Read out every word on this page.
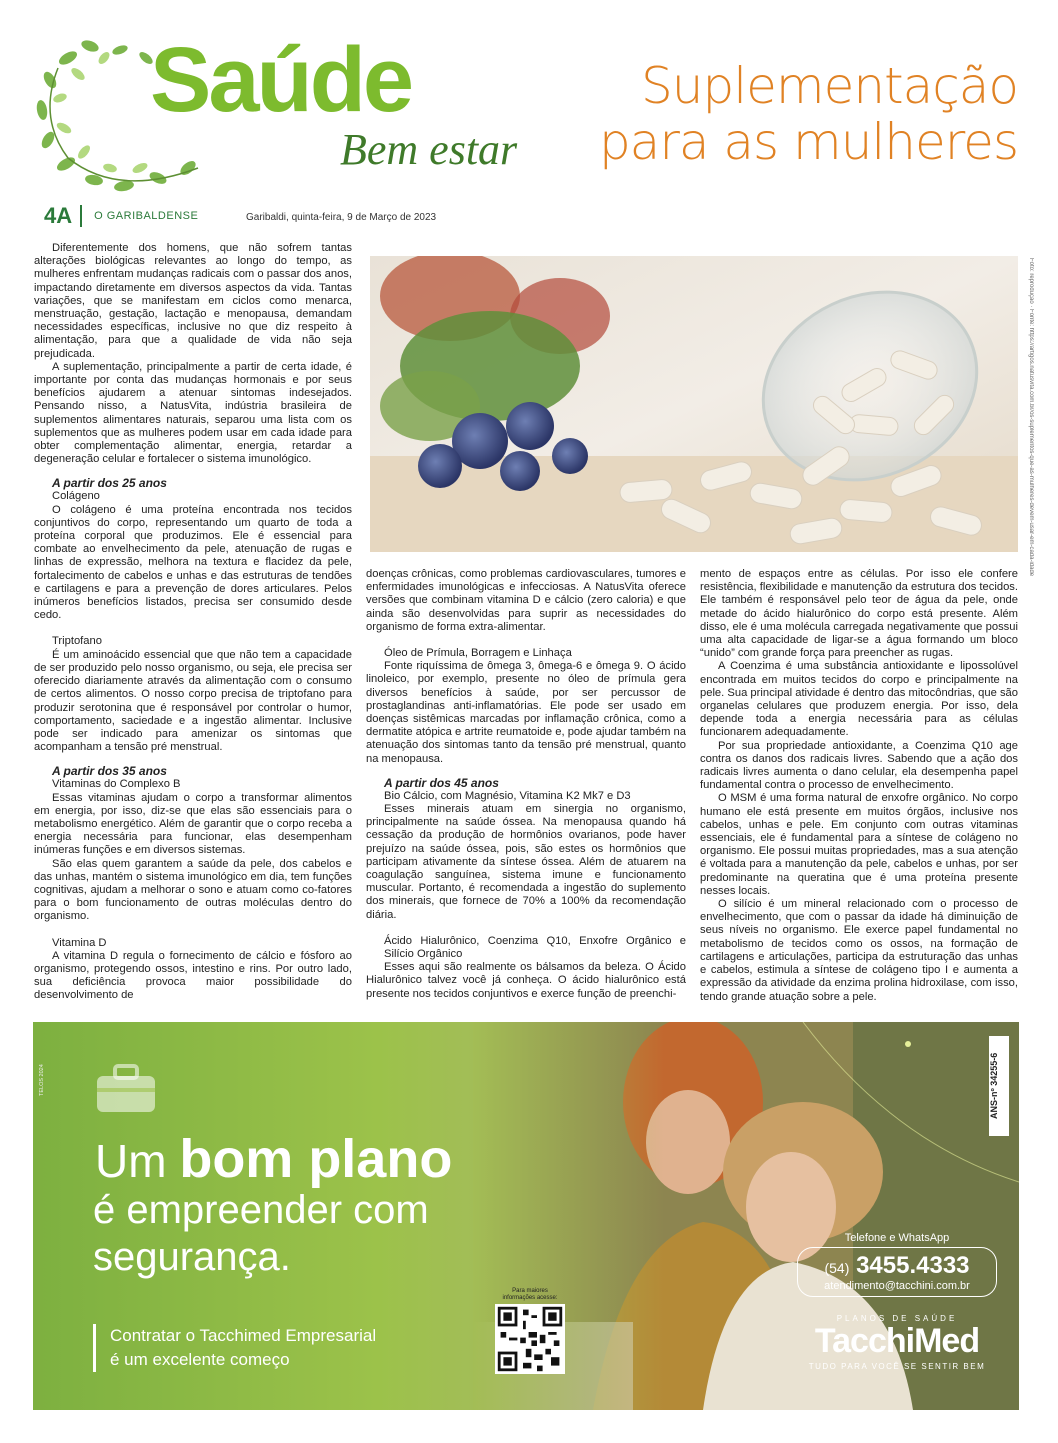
Saúde
Bem estar
Suplementação
para as mulheres
4A O GARIBALDENSE	Garibaldi, quinta-feira, 9 de Março de 2023
Foto: reprodução · Fonte: https://artigos.natusvita.com.br/os-suplementos-que-as-mulheres-devem-usar-em-cada-idade

Diferentemente dos homens, que não sofrem tantas alterações biológicas relevantes ao longo do tempo, as mulheres enfrentam mudanças radicais com o passar dos anos, impactando diretamente em diversos aspectos da vida. Tantas variações, que se manifestam em ciclos como menarca, menstruação, gestação, lactação e menopausa, demandam necessidades específicas, inclusive no que diz respeito à alimentação, para que a qualidade de vida não seja prejudicada.

A suplementação, principalmente a partir de certa idade, é importante por conta das mudanças hormonais e por seus benefícios ajudarem a atenuar sintomas indesejados. Pensando nisso, a NatusVita, indústria brasileira de suplementos alimentares naturais, separou uma lista com os suplementos que as mulheres podem usar em cada idade para obter complementação alimentar, energia, retardar a degeneração celular e fortalecer o sistema imunológico.

A partir dos 25 anos
Colágeno

O colágeno é uma proteína encontrada nos tecidos conjuntivos do corpo, representando um quarto de toda a proteína corporal que produzimos. Ele é essencial para combate ao envelhecimento da pele, atenuação de rugas e linhas de expressão, melhora na textura e flacidez da pele, fortalecimento de cabelos e unhas e das estruturas de tendões e cartilagens e para a prevenção de dores articulares. Pelos inúmeros benefícios listados, precisa ser consumido desde cedo.

Triptofano

É um aminoácido essencial que que não tem a capacidade de ser produzido pelo nosso organismo, ou seja, ele precisa ser oferecido diariamente através da alimentação com o consumo de certos alimentos. O nosso corpo precisa de triptofano para produzir serotonina que é responsável por controlar o humor, comportamento, saciedade e a ingestão alimentar. Inclusive pode ser indicado para amenizar os sintomas que acompanham a tensão pré menstrual.

A partir dos 35 anos
Vitaminas do Complexo B

Essas vitaminas ajudam o corpo a transformar alimentos em energia, por isso, diz-se que elas são essenciais para o metabolismo energético. Além de garantir que o corpo receba a energia necessária para funcionar, elas desempenham inúmeras funções e em diversos sistemas.

São elas quem garantem a saúde da pele, dos cabelos e das unhas, mantém o sistema imunológico em dia, tem funções cognitivas, ajudam a melhorar o sono e atuam como co-fatores para o bom funcionamento de outras moléculas dentro do organismo.

Vitamina D

A vitamina D regula o fornecimento de cálcio e fósforo ao organismo, protegendo ossos, intestino e rins. Por outro lado, sua deficiência provoca maior possibilidade do desenvolvimento de

doenças crônicas, como problemas cardiovasculares, tumores e enfermidades imunológicas e infecciosas. A NatusVita oferece versões que combinam vitamina D e cálcio (zero caloria) e que ainda são desenvolvidas para suprir as necessidades do organismo de forma extra-alimentar.

Óleo de Prímula, Borragem e Linhaça

Fonte riquíssima de ômega 3, ômega-6 e ômega 9. O ácido linoleico, por exemplo, presente no óleo de prímula gera diversos benefícios à saúde, por ser percussor de prostaglandinas anti-inflamatórias. Ele pode ser usado em doenças sistêmicas marcadas por inflamação crônica, como a dermatite atópica e artrite reumatoide e, pode ajudar também na atenuação dos sintomas tanto da tensão pré menstrual, quanto na menopausa.

A partir dos 45 anos
Bio Cálcio, com Magnésio, Vitamina K2 Mk7 e D3

Esses minerais atuam em sinergia no organismo, principalmente na saúde óssea. Na menopausa quando há cessação da produção de hormônios ovarianos, pode haver prejuízo na saúde óssea, pois, são estes os hormônios que participam ativamente da síntese óssea. Além de atuarem na coagulação sanguínea, sistema imune e funcionamento muscular. Portanto, é recomendada a ingestão do suplemento dos minerais, que fornece de 70% a 100% da recomendação diária.

Ácido Hialurônico, Coenzima Q10, Enxofre Orgânico e Silício Orgânico

Esses aqui são realmente os bálsamos da beleza. O Ácido Hialurônico talvez você já conheça. O ácido hialurônico está presente nos tecidos conjuntivos e exerce função de preenchi-

mento de espaços entre as células. Por isso ele confere resistência, flexibilidade e manutenção da estrutura dos tecidos. Ele também é responsável pelo teor de água da pele, onde metade do ácido hialurônico do corpo está presente. Além disso, ele é uma molécula carregada negativamente que possui uma alta capacidade de ligar-se a água formando um bloco “unido” com grande força para preencher as rugas.

A Coenzima é uma substância antioxidante e lipossolúvel encontrada em muitos tecidos do corpo e principalmente na pele. Sua principal atividade é dentro das mitocôndrias, que são organelas celulares que produzem energia. Por isso, dela depende toda a energia necessária para as células funcionarem adequadamente.

Por sua propriedade antioxidante, a Coenzima Q10 age contra os danos dos radicais livres. Sabendo que a ação dos radicais livres aumenta o dano celular, ela desempenha papel fundamental contra o processo de envelhecimento.

O MSM é uma forma natural de enxofre orgânico. No corpo humano ele está presente em muitos órgãos, inclusive nos cabelos, unhas e pele. Em conjunto com outras vitaminas essenciais, ele é fundamental para a síntese de colágeno no organismo. Ele possui muitas propriedades, mas a sua atenção é voltada para a manutenção da pele, cabelos e unhas, por ser predominante na queratina que é uma proteína presente nesses locais.

O silício é um mineral relacionado com o processo de envelhecimento, que com o passar da idade há diminuição de seus níveis no organismo. Ele exerce papel fundamental no metabolismo de tecidos como os ossos, na formação de cartilagens e articulações, participa da estruturação das unhas e cabelos, estimula a síntese de colágeno tipo I e aumenta a expressão da atividade da enzima prolina hidroxilase, com isso, tendo grande atuação sobre a pele.

Um bom plano
é empreender com
segurança.
Contratar o Tacchimed Empresarial
é um excelente começo
Para maiores informações acesse:
Telefone e WhatsApp
(54) 3455.4333
atendimento@tacchini.com.br
PLANOS DE SAÚDE
TacchiMed
TUDO PARA VOCÊ SE SENTIR BEM
ANS-nº 34255-6
TELOS 2024
